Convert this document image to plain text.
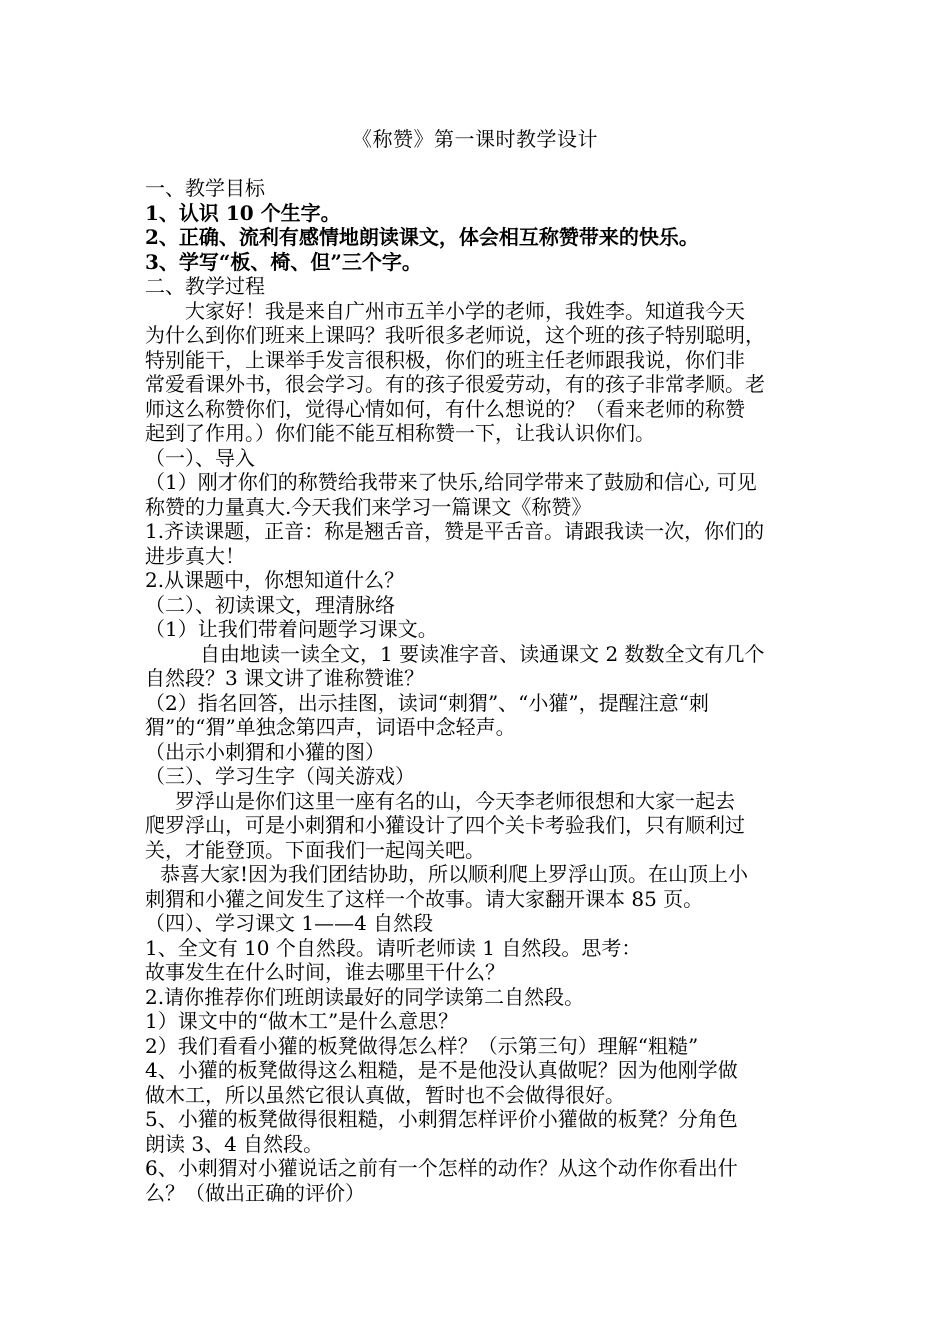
《称赞》第一课时教学设计
一、教学目标
1、认识 10 个生字。
2、正确、流利有感情地朗读课文，体会相互称赞带来的快乐。
3、学写“板、椅、但”三个字。
二、教学过程
大家好！我是来自广州市五羊小学的老师，我姓李。知道我今天
为什么到你们班来上课吗？我听很多老师说，这个班的孩子特别聪明，
特别能干，上课举手发言很积极，你们的班主任老师跟我说，你们非
常爱看课外书，很会学习。有的孩子很爱劳动，有的孩子非常孝顺。老
师这么称赞你们，觉得心情如何，有什么想说的？（看来老师的称赞
起到了作用。）你们能不能互相称赞一下，让我认识你们。
（一）、导入
（1）刚才你们的称赞给我带来了快乐,给同学带来了鼓励和信心, 可见
称赞的力量真大.今天我们来学习一篇课文《称赞》
1.齐读课题，正音：称是翘舌音，赞是平舌音。请跟我读一次，你们的
进步真大！
2.从课题中，你想知道什么？
（二）、初读课文，理清脉络
（1）让我们带着问题学习课文。
自由地读一读全文，1 要读准字音、读通课文 2 数数全文有几个
自然段？3 课文讲了谁称赞谁？
（2）指名回答，出示挂图，读词“刺猬”、“小獾”，提醒注意“刺
猬”的“猬”单独念第四声，词语中念轻声。
（出示小刺猬和小獾的图）
（三）、学习生字（闯关游戏）
罗浮山是你们这里一座有名的山，今天李老师很想和大家一起去
爬罗浮山，可是小刺猬和小獾设计了四个关卡考验我们，只有顺利过
关，才能登顶。下面我们一起闯关吧。
恭喜大家!因为我们团结协助，所以顺利爬上罗浮山顶。在山顶上小
刺猬和小獾之间发生了这样一个故事。请大家翻开课本 85 页。
（四）、学习课文 1——4 自然段
1、全文有 10 个自然段。请听老师读 1 自然段。思考：
故事发生在什么时间，谁去哪里干什么？
2.请你推荐你们班朗读最好的同学读第二自然段。
1）课文中的“做木工”是什么意思？
2）我们看看小獾的板凳做得怎么样？（示第三句）理解“粗糙”
4、小獾的板凳做得这么粗糙，是不是他没认真做呢？因为他刚学做
做木工，所以虽然它很认真做，暂时也不会做得很好。
5、小獾的板凳做得很粗糙，小刺猬怎样评价小獾做的板凳？分角色
朗读 3、4 自然段。
6、小刺猬对小獾说话之前有一个怎样的动作？从这个动作你看出什
么？（做出正确的评价）
